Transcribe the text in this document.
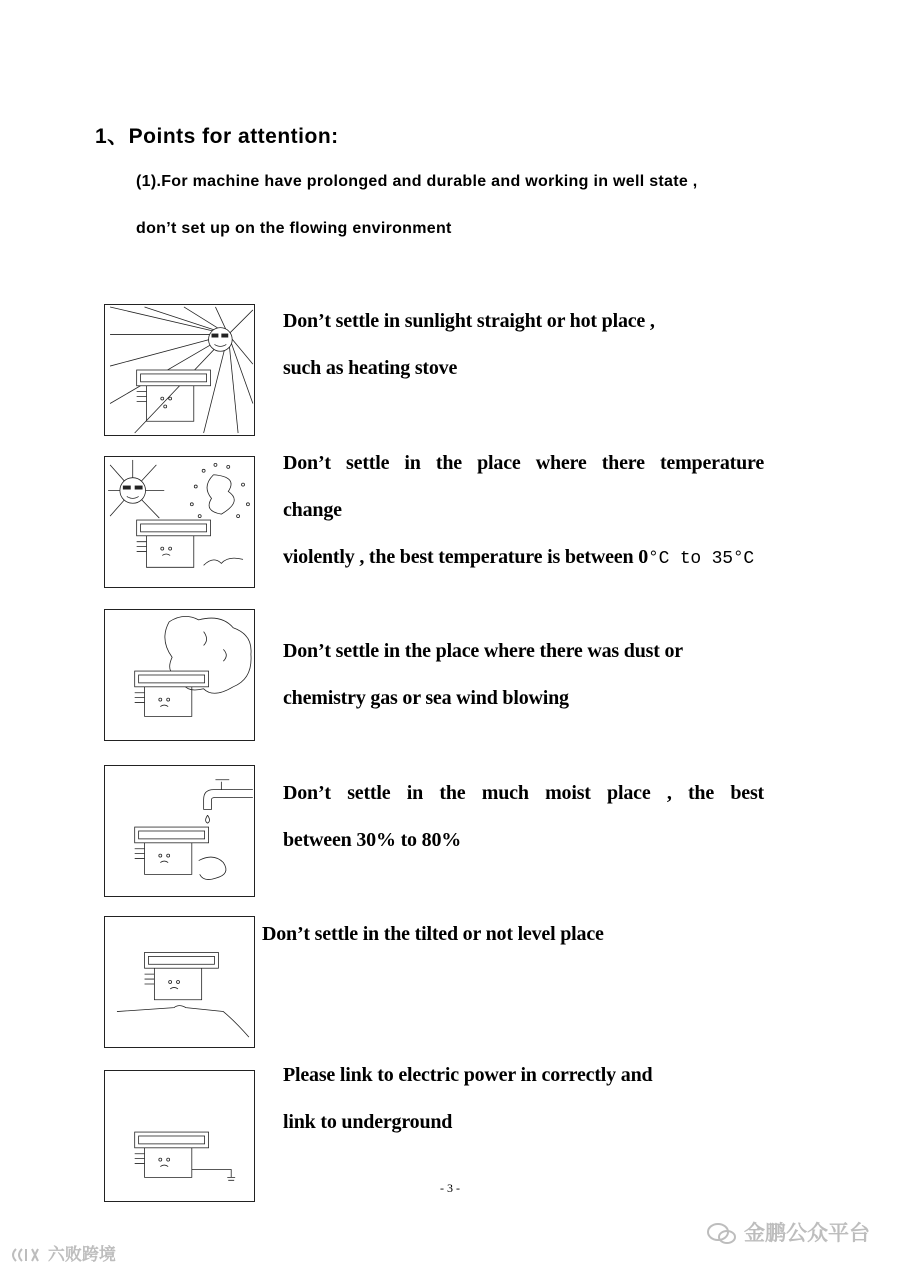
1、Points for attention:

(1).For machine have prolonged and durable and working in well state ,

don’t set up on the flowing environment

Don’t settle in sunlight straight or hot place ,

such as heating stove

Don’t settle in the place where there temperature

change

violently , the best temperature is between 0°C to 35°C

Don’t settle in the place where there was dust or

chemistry gas or sea wind blowing

Don’t settle in the much moist place , the best

between 30% to 80%

Don’t settle in the tilted or not level place

Please link to electric power in correctly and

link to underground

- 3 -
金鹏公众平台
六败跨境
